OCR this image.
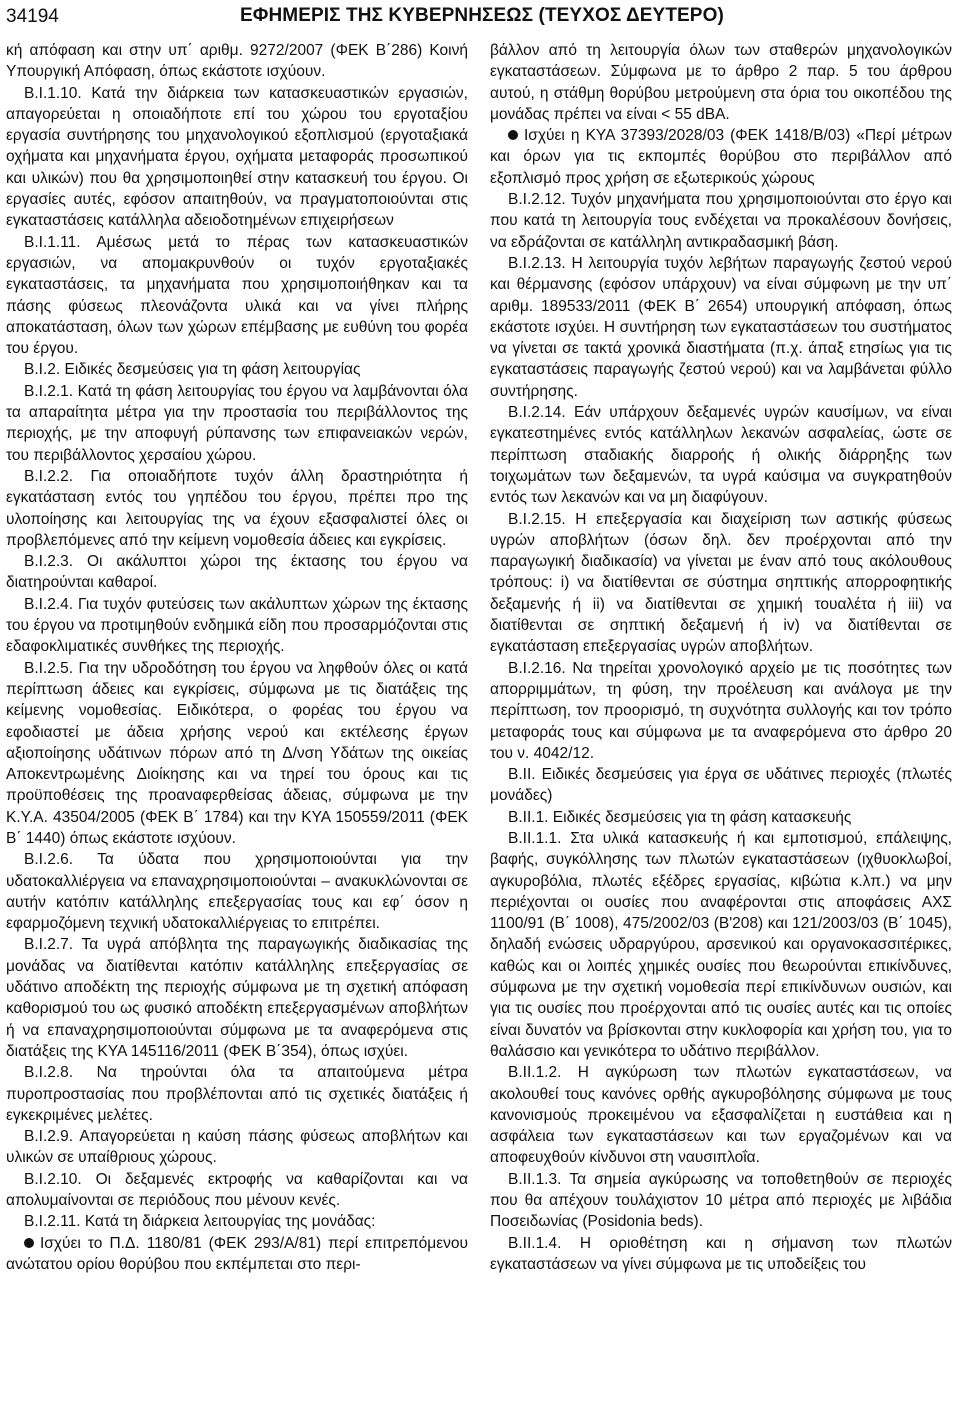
34194	ΕΦΗΜΕΡΙΣ ΤΗΣ ΚΥΒΕΡΝΗΣΕΩΣ (ΤΕΥΧΟΣ ΔΕΥΤΕΡΟ)

κή απόφαση και στην υπ΄ αριθμ. 9272/2007 (ΦΕΚ Β΄286) Κοινή Υπουργική Απόφαση, όπως εκάστοτε ισχύουν.

Β.Ι.1.10. Κατά την διάρκεια των κατασκευαστικών εργασιών, απαγορεύεται η οποιαδήποτε επί του χώρου του εργοταξίου εργασία συντήρησης του μηχανολογικού εξοπλισμού (εργοταξιακά οχήματα και μηχανήματα έργου, οχήματα μεταφοράς προσωπικού και υλικών) που θα χρησιμοποιηθεί στην κατασκευή του έργου. Οι εργασίες αυτές, εφόσον απαιτηθούν, να πραγματοποιούνται στις εγκαταστάσεις κατάλληλα αδειοδοτημένων επιχειρήσεων

Β.Ι.1.11. Αμέσως μετά το πέρας των κατασκευαστικών εργασιών, να απομακρυνθούν οι τυχόν εργοταξιακές εγκαταστάσεις, τα μηχανήματα που χρησιμοποιήθηκαν και τα πάσης φύσεως πλεονάζοντα υλικά και να γίνει πλήρης αποκατάσταση, όλων των χώρων επέμβασης με ευθύνη του φορέα του έργου.

Β.Ι.2. Ειδικές δεσμεύσεις για τη φάση λειτουργίας

Β.Ι.2.1. Κατά τη φάση λειτουργίας του έργου να λαμβάνονται όλα τα απαραίτητα μέτρα για την προστασία του περιβάλλοντος της περιοχής, με την αποφυγή ρύπανσης των επιφανειακών νερών, του περιβάλλοντος χερσαίου χώρου.

Β.Ι.2.2. Για οποιαδήποτε τυχόν άλλη δραστηριότητα ή εγκατάσταση εντός του γηπέδου του έργου, πρέπει πρo της υλοποίησης και λειτουργίας της να έχουν εξασφαλιστεί όλες οι προβλεπόμενες από την κείμενη νομοθεσία άδειες και εγκρίσεις.

Β.Ι.2.3. Οι ακάλυπτοι χώροι της έκτασης του έργου να διατηρούνται καθαροί.

Β.Ι.2.4. Για τυχόν φυτεύσεις των ακάλυπτων χώρων της έκτασης του έργου να προτιμηθούν ενδημικά είδη που προσαρμόζονται στις εδαφοκλιματικές συνθήκες της περιοχής.

Β.Ι.2.5. Για την υδροδότηση του έργου να ληφθούν όλες οι κατά περίπτωση άδειες και εγκρίσεις, σύμφωνα με τις διατάξεις της κείμενης νομοθεσίας. Ειδικότερα, ο φορέας του έργου να εφοδιαστεί με άδεια χρήσης νερού και εκτέλεσης έργων αξιοποίησης υδάτινων πόρων από τη Δ/νση Υδάτων της οικείας Αποκεντρωμένης Διοίκησης και να τηρεί του όρους και τις προϋποθέσεις της προαναφερθείσας άδειας, σύμφωνα με την Κ.Υ.Α. 43504/2005 (ΦΕΚ Β΄ 1784) και την ΚΥΑ 150559/2011 (ΦΕΚ Β΄ 1440) όπως εκάστοτε ισχύουν.

Β.Ι.2.6. Τα ύδατα που χρησιμοποιούνται για την υδατοκαλλιέργεια να επαναχρησιμοποιούνται – ανακυκλώνονται σε αυτήν κατόπιν κατάλληλης επεξεργασίας τους και εφ΄ όσον η εφαρμοζόμενη τεχνική υδατοκαλλιέργειας το επιτρέπει.

Β.Ι.2.7. Τα υγρά απόβλητα της παραγωγικής διαδικασίας της μονάδας να διατίθενται κατόπιν κατάλληλης επεξεργασίας σε υδάτινο αποδέκτη της περιοχής σύμφωνα με τη σχετική απόφαση καθορισμού του ως φυσικό αποδέκτη επεξεργασμένων αποβλήτων ή να επαναχρησιμοποιούνται σύμφωνα με τα αναφερόμενα στις διατάξεις της ΚΥΑ 145116/2011 (ΦΕΚ Β΄354), όπως ισχύει.

Β.Ι.2.8. Να τηρούνται όλα τα απαιτούμενα μέτρα πυροπροστασίας που προβλέπονται από τις σχετικές διατάξεις ή εγκεκριμένες μελέτες.

Β.Ι.2.9. Απαγορεύεται η καύση πάσης φύσεως αποβλήτων και υλικών σε υπαίθριους χώρους.

Β.Ι.2.10. Οι δεξαμενές εκτροφής να καθαρίζονται και να απολυμαίνονται σε περιόδους που μένουν κενές.

Β.Ι.2.11. Κατά τη διάρκεια λειτουργίας της μονάδας:

Ισχύει το Π.Δ. 1180/81 (ΦΕΚ 293/Α/81) περί επιτρεπόμενου ανώτατου ορίου θορύβου που εκπέμπεται στο περι-

βάλλον από τη λειτουργία όλων των σταθερών μηχανολογικών εγκαταστάσεων. Σύμφωνα με το άρθρο 2 παρ. 5 του άρθρου αυτού, η στάθμη θορύβου μετρούμενη στα όρια του οικοπέδου της μονάδας πρέπει να είναι < 55 dBA.

Ισχύει η ΚΥΑ 37393/2028/03 (ΦΕΚ 1418/Β/03) «Περί μέτρων και όρων για τις εκπομπές θορύβου στο περιβάλλον από εξοπλισμό προς χρήση σε εξωτερικούς χώρους

Β.Ι.2.12. Τυχόν μηχανήματα που χρησιμοποιούνται στο έργο και που κατά τη λειτουργία τους ενδέχεται να προκαλέσουν δονήσεις, να εδράζονται σε κατάλληλη αντικραδασμική βάση.

Β.Ι.2.13. Η λειτουργία τυχόν λεβήτων παραγωγής ζεστού νερού και θέρμανσης (εφόσον υπάρχουν) να είναι σύμφωνη με την υπ΄ αριθμ. 189533/2011 (ΦΕΚ Β΄ 2654) υπουργική απόφαση, όπως εκάστοτε ισχύει. Η συντήρηση των εγκαταστάσεων του συστήματος να γίνεται σε τακτά χρονικά διαστήματα (π.χ. άπαξ ετησίως για τις εγκαταστάσεις παραγωγής ζεστού νερού) και να λαμβάνεται φύλλο συντήρησης.

Β.Ι.2.14. Εάν υπάρχουν δεξαμενές υγρών καυσίμων, να είναι εγκατεστημένες εντός κατάλληλων λεκανών ασφαλείας, ώστε σε περίπτωση σταδιακής διαρροής ή ολικής διάρρηξης των τοιχωμάτων των δεξαμενών, τα υγρά καύσιμα να συγκρατηθούν εντός των λεκανών και να μη διαφύγουν.

Β.Ι.2.15. Η επεξεργασία και διαχείριση των αστικής φύσεως υγρών αποβλήτων (όσων δηλ. δεν προέρχονται από την παραγωγική διαδικασία) να γίνεται με έναν από τους ακόλουθους τρόπους: i) να διατίθενται σε σύστημα σηπτικής απορροφητικής δεξαμενής ή ii) να διατίθενται σε χημική τουαλέτα ή iii) να διατίθενται σε σηπτική δεξαμενή ή iv) να διατίθενται σε εγκατάσταση επεξεργασίας υγρών αποβλήτων.

Β.Ι.2.16. Να τηρείται χρονολογικό αρχείο με τις ποσότητες των απορριμμάτων, τη φύση, την προέλευση και ανάλογα με την περίπτωση, τον προορισμό, τη συχνότητα συλλογής και τον τρόπο μεταφοράς τους και σύμφωνα με τα αναφερόμενα στο άρθρο 20 του ν. 4042/12.

Β.ΙΙ. Ειδικές δεσμεύσεις για έργα σε υδάτινες περιοχές (πλωτές μονάδες)

Β.ΙΙ.1. Ειδικές δεσμεύσεις για τη φάση κατασκευής

Β.ΙΙ.1.1. Στα υλικά κατασκευής ή και εμποτισμού, επάλειψης, βαφής, συγκόλλησης των πλωτών εγκαταστάσεων (ιχθυοκλωβοί, αγκυροβόλια, πλωτές εξέδρες εργασίας, κιβώτια κ.λπ.) να μην περιέχονται οι ουσίες που αναφέρονται στις αποφάσεις ΑΧΣ 1100/91 (Β΄ 1008), 475/2002/03 (Β'208) και 121/2003/03 (Β΄ 1045), δηλαδή ενώσεις υδραργύρου, αρσενικού και οργανοκασσιτέρικες, καθώς και οι λοιπές χημικές ουσίες που θεωρούνται επικίνδυνες, σύμφωνα με την σχετική νομοθεσία περί επικίνδυνων ουσιών, και για τις ουσίες που προέρχονται από τις ουσίες αυτές και τις οποίες είναι δυνατόν να βρίσκονται στην κυκλοφορία και χρήση του, για το θαλάσσιο και γενικότερα το υδάτινο περιβάλλον.

Β.ΙΙ.1.2. Η αγκύρωση των πλωτών εγκαταστάσεων, να ακολουθεί τους κανόνες ορθής αγκυροβόλησης σύμφωνα με τους κανονισμούς προκειμένου να εξασφαλίζεται η ευστάθεια και η ασφάλεια των εγκαταστάσεων και των εργαζομένων και να αποφευχθούν κίνδυνοι στη ναυσιπλοΐα.

Β.ΙΙ.1.3. Τα σημεία αγκύρωσης να τοποθετηθούν σε περιοχές που θα απέχουν τουλάχιστον 10 μέτρα από περιοχές με λιβάδια Ποσειδωνίας (Posidonia beds).

Β.ΙΙ.1.4. Η οριοθέτηση και η σήμανση των πλωτών εγκαταστάσεων να γίνει σύμφωνα με τις υποδείξεις του
